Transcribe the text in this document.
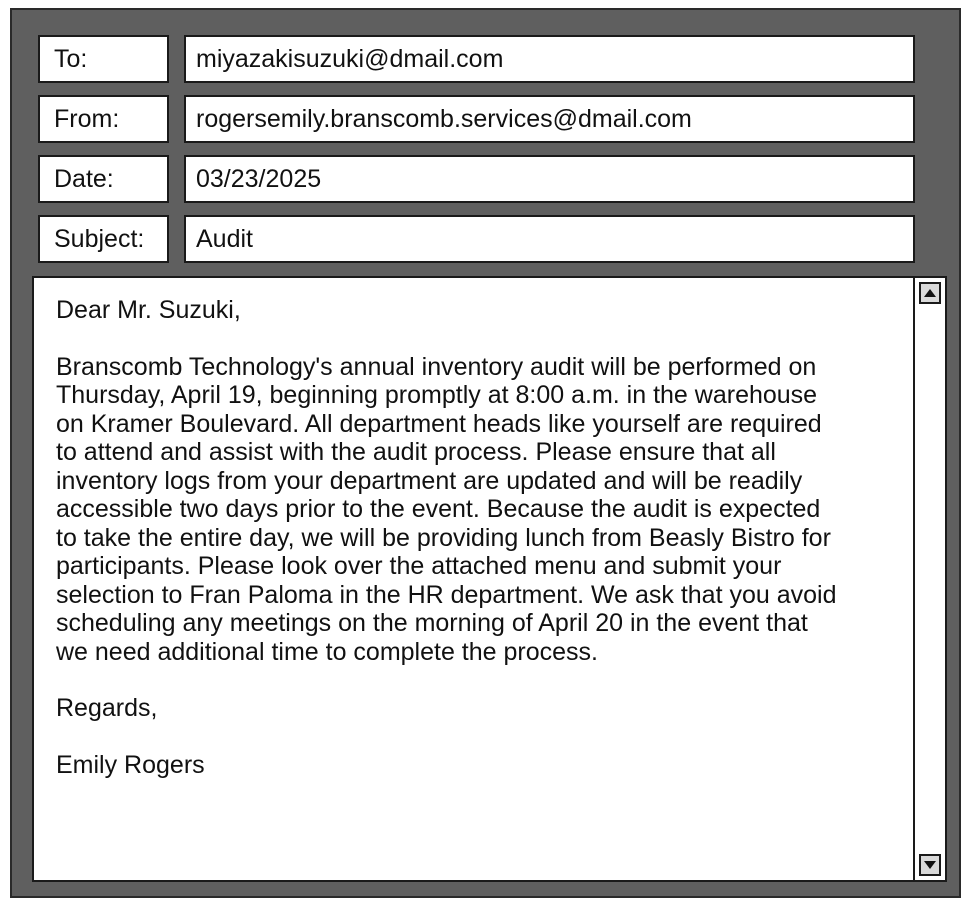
To:	miyazakisuzuki@dmail.com
From:	rogersemily.branscomb.services@dmail.com
Date:	03/23/2025
Subject:	Audit

Dear Mr. Suzuki,

Branscomb Technology's annual inventory audit will be performed on

Thursday, April 19, beginning promptly at 8:00 a.m. in the warehouse

on Kramer Boulevard. All department heads like yourself are required

to attend and assist with the audit process. Please ensure that all

inventory logs from your department are updated and will be readily

accessible two days prior to the event. Because the audit is expected

to take the entire day, we will be providing lunch from Beasly Bistro for

participants. Please look over the attached menu and submit your

selection to Fran Paloma in the HR department. We ask that you avoid

scheduling any meetings on the morning of April 20 in the event that

we need additional time to complete the process.

Regards,

Emily Rogers
